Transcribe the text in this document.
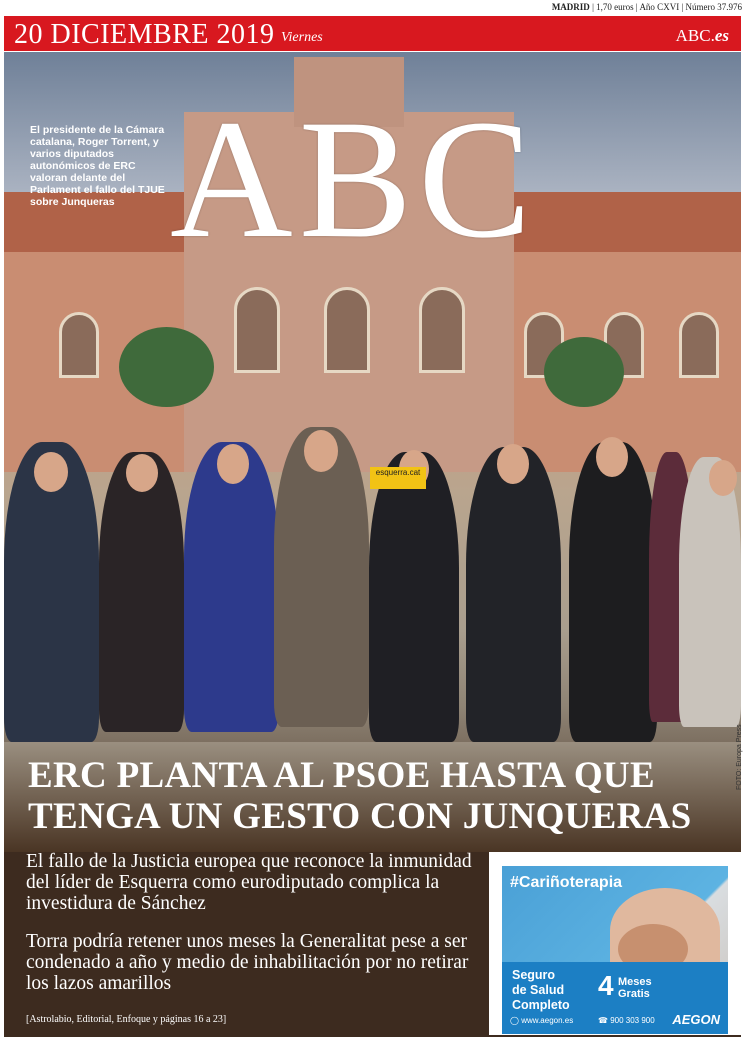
MADRID | 1,70 euros | Año CXVI | Número 37.976
20 DICIEMBRE 2019 Viernes	ABC.es
El presidente de la Cámara catalana, Roger Torrent, y varios diputados autonómicos de ERC valoran delante del Parlament el fallo del TJUE sobre Junqueras ABC
esquerra.cat
ERC PLANTA AL PSOE HASTA QUE
TENGA UN GESTO CON JUNQUERAS
FOTO: Europa Press
El fallo de la Justicia europea que reconoce la inmunidad del líder de Esquerra como eurodiputado complica la investidura de Sánchez
Torra podría retener unos meses la Generalitat pese a ser condenado a año y medio de inhabilitación por no retirar los lazos amarillos
[Astrolabio, Editorial, Enfoque y páginas 16 a 23]
#Cariñoterapia
Seguro
de Salud
Completo
4 Meses
Gratis
◯ www.aegon.es	☎ 900 303 900 AEGON
